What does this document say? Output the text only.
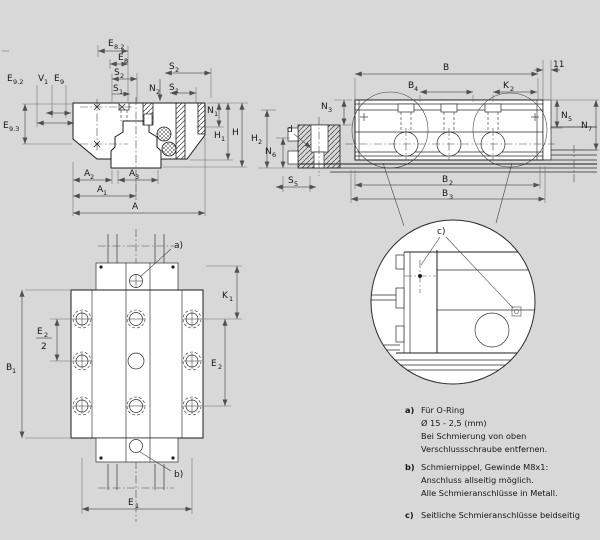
E 8.2
E 8
S 2
S 1	N 2
S 2
S 1
E 9.2 V 1 E 9
E 9.3
N 1
H 1
H
A 2	A 3
A 1
A
B
B 4	K 2
11
N 3
N 5
N 7
d
N 6
H 2
S 5	B 2
B 3
B 1
K 1
E 2
2
E 2
E 1
a)
b)
c)
a) Für O-Ring
Ø 15 - 2,5 (mm)
Bei Schmierung von oben
Verschlussschraube entfernen.
b) Schmiernippel, Gewinde M8x1:
Anschluss allseitig möglich.
Alle Schmieranschlüsse in Metall.
c) Seitliche Schmieranschlüsse beidseitig
